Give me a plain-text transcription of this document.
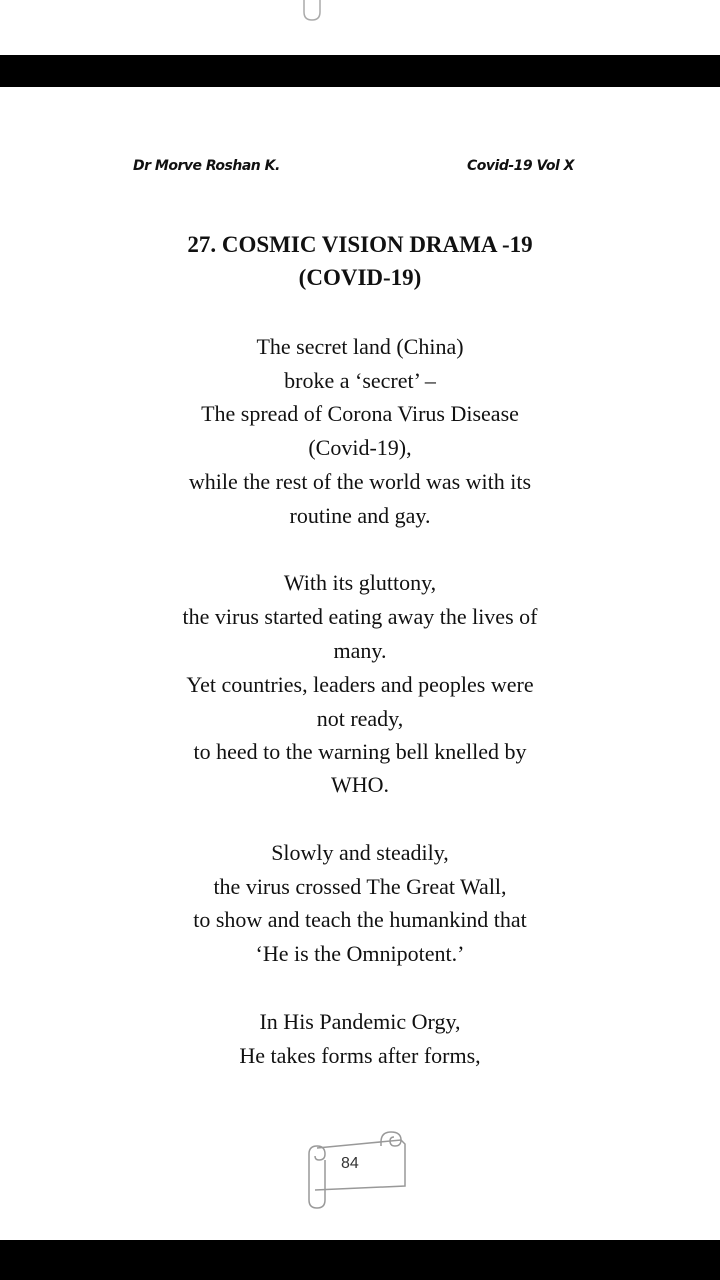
Dr Morve Roshan K.	Covid-19 Vol X
27. COSMIC VISION DRAMA -19
(COVID-19)
The secret land (China)
broke a ‘secret’ –
The spread of Corona Virus Disease
(Covid-19),
while the rest of the world was with its
routine and gay.
With its gluttony,
the virus started eating away the lives of
many.
Yet countries, leaders and peoples were
not ready,
to heed to the warning bell knelled by
WHO.
Slowly and steadily,
the virus crossed The Great Wall,
to show and teach the humankind that
‘He is the Omnipotent.’
In His Pandemic Orgy,
He takes forms after forms,
84
